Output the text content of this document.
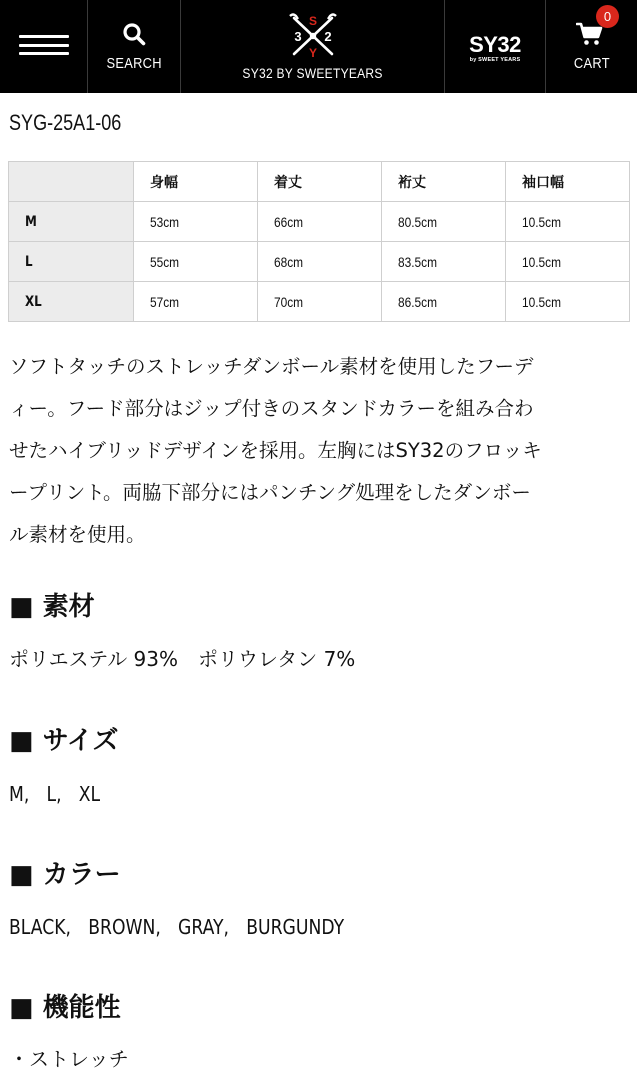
SEARCH
S
3 2
Y
SY32 BY SWEETYEARS
SY32
by SWEET YEARS	CART
0
SYG-25A1-06
	身幅	着丈	裄丈	袖口幅
M	53cm	66cm	80.5cm	10.5cm
L	55cm	68cm	83.5cm	10.5cm
XL	57cm	70cm	86.5cm	10.5cm
ソフトタッチのストレッチダンボール素材を使用したフーデ
ィー。フード部分はジップ付きのスタンドカラーを組み合わ
せたハイブリッドデザインを採用。左胸にはSY32のフロッキ
ープリント。両脇下部分にはパンチング処理をしたダンボー
ル素材を使用。
■ 素材
ポリエステル 93%　ポリウレタン 7%
■ サイズ
M,　L,　XL
■ カラー
BLACK,　BROWN,　GRAY,　BURGUNDY
■ 機能性
・ストレッチ
